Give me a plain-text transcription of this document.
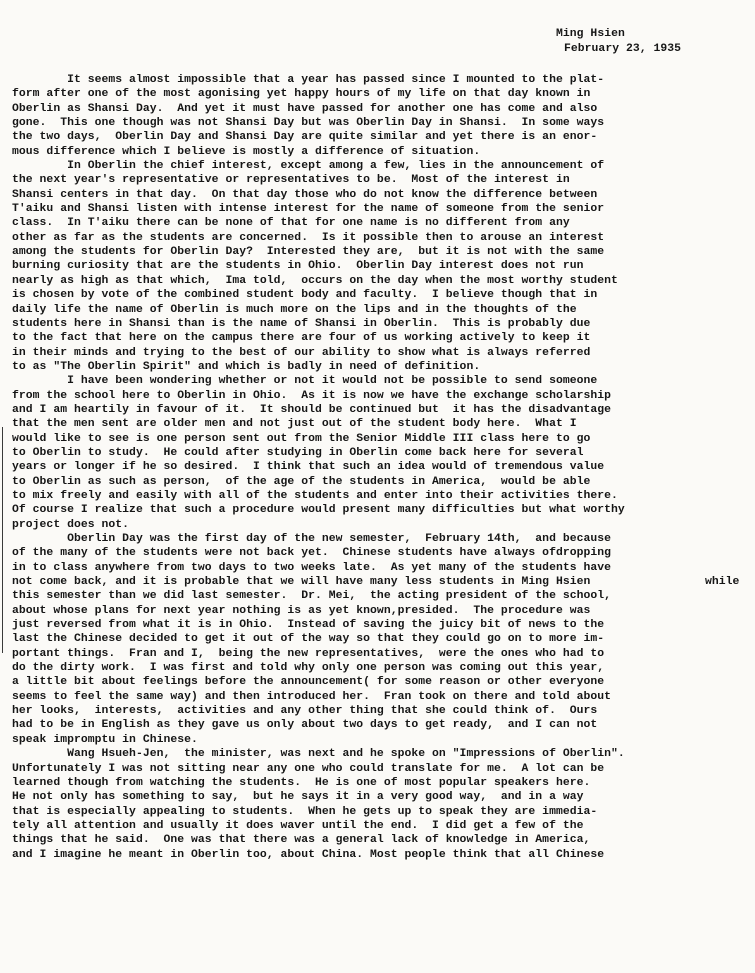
Ming Hsien
February 23, 1935
while
It seems almost impossible that a year has passed since I mounted to the plat-
form after one of the most agonising yet happy hours of my life on that day known in
Oberlin as Shansi Day.  And yet it must have passed for another one has come and also
gone.  This one though was not Shansi Day but was Oberlin Day in Shansi.  In some ways
the two days,  Oberlin Day and Shansi Day are quite similar and yet there is an enor-
mous difference which I believe is mostly a difference of situation.
In Oberlin the chief interest, except among a few, lies in the announcement of
the next year's representative or representatives to be.  Most of the interest in
Shansi centers in that day.  On that day those who do not know the difference between
T'aiku and Shansi listen with intense interest for the name of someone from the senior
class.  In T'aiku there can be none of that for one name is no different from any
other as far as the students are concerned.  Is it possible then to arouse an interest
among the students for Oberlin Day?  Interested they are,  but it is not with the same
burning curiosity that are the students in Ohio.  Oberlin Day interest does not run
nearly as high as that which,  Ima told,  occurs on the day when the most worthy student
is chosen by vote of the combined student body and faculty.  I believe though that in
daily life the name of Oberlin is much more on the lips and in the thoughts of the
students here in Shansi than is the name of Shansi in Oberlin.  This is probably due
to the fact that here on the campus there are four of us working actively to keep it
in their minds and trying to the best of our ability to show what is always referred
to as "The Oberlin Spirit" and which is badly in need of definition.
I have been wondering whether or not it would not be possible to send someone
from the school here to Oberlin in Ohio.  As it is now we have the exchange scholarship
and I am heartily in favour of it.  It should be continued but  it has the disadvantage
that the men sent are older men and not just out of the student body here.  What I
would like to see is one person sent out from the Senior Middle III class here to go
to Oberlin to study.  He could after studying in Oberlin come back here for several
years or longer if he so desired.  I think that such an idea would of tremendous value
to Oberlin as such as person,  of the age of the students in America,  would be able
to mix freely and easily with all of the students and enter into their activities there.
Of course I realize that such a procedure would present many difficulties but what worthy
project does not.
Oberlin Day was the first day of the new semester,  February 14th,  and because
of the many of the students were not back yet.  Chinese students have always ofdropping
in to class anywhere from two days to two weeks late.  As yet many of the students have
not come back, and it is probable that we will have many less students in Ming Hsien
this semester than we did last semester.  Dr. Mei,  the acting president of the school,
about whose plans for next year nothing is as yet known,presided.  The procedure was
just reversed from what it is in Ohio.  Instead of saving the juicy bit of news to the
last the Chinese decided to get it out of the way so that they could go on to more im-
portant things.  Fran and I,  being the new representatives,  were the ones who had to
do the dirty work.  I was first and told why only one person was coming out this year,
a little bit about feelings before the announcement( for some reason or other everyone
seems to feel the same way) and then introduced her.  Fran took on there and told about
her looks,  interests,  activities and any other thing that she could think of.  Ours
had to be in English as they gave us only about two days to get ready,  and I can not
speak impromptu in Chinese.
Wang Hsueh-Jen,  the minister, was next and he spoke on "Impressions of Oberlin".
Unfortunately I was not sitting near any one who could translate for me.  A lot can be
learned though from watching the students.  He is one of most popular speakers here.
He not only has something to say,  but he says it in a very good way,  and in a way
that is especially appealing to students.  When he gets up to speak they are immedia-
tely all attention and usually it does waver until the end.  I did get a few of the
things that he said.  One was that there was a general lack of knowledge in America,
and I imagine he meant in Oberlin too, about China. Most people think that all Chinese
